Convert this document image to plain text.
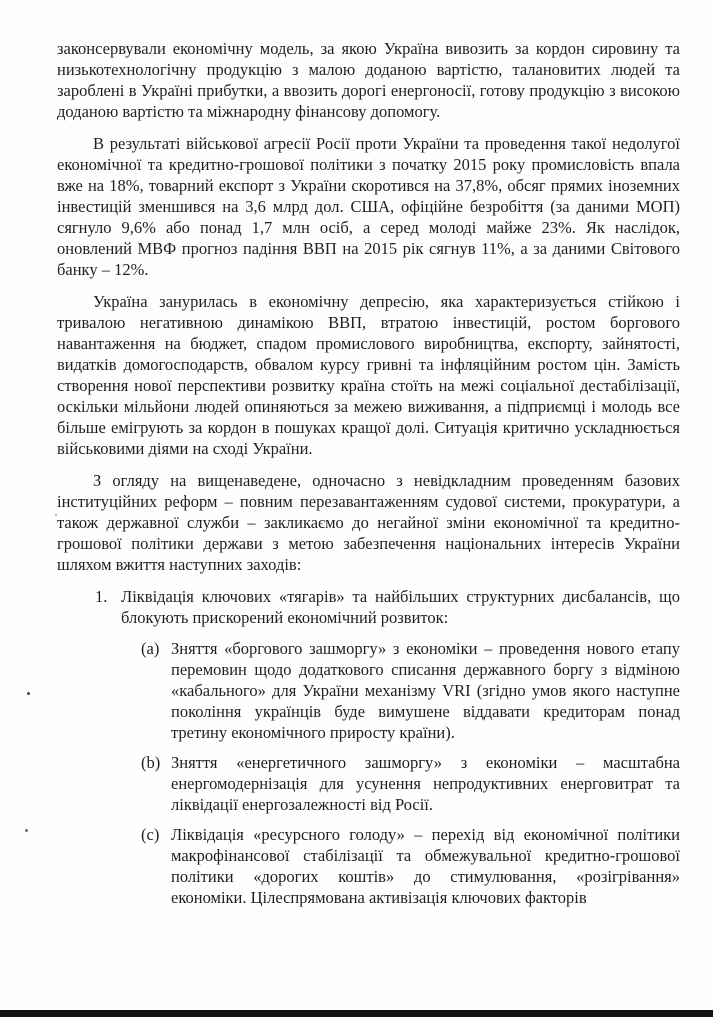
законсервували економічну модель, за якою Україна вивозить за кордон сировину та низькотехнологічну продукцію з малою доданою вартістю, талановитих людей та зароблені в Україні прибутки, а ввозить дорогі енергоносії, готову продукцію з високою доданою вартістю та міжнародну фінансову допомогу.

В результаті військової агресії Росії проти України та проведення такої недолугої економічної та кредитно-грошової політики з початку 2015 року промисловість впала вже на 18%, товарний експорт з України скоротився на 37,8%, обсяг прямих іноземних інвестицій зменшився на 3,6 млрд дол. США, офіційне безробіття (за даними МОП) сягнуло 9,6% або понад 1,7 млн осіб, а серед молоді майже 23%. Як наслідок, оновлений МВФ прогноз падіння ВВП на 2015 рік сягнув 11%, а за даними Світового банку – 12%.

Україна занурилась в економічну депресію, яка характеризується стійкою і тривалою негативною динамікою ВВП, втратою інвестицій, ростом боргового навантаження на бюджет, спадом промислового виробництва, експорту, зайнятості, видатків домогосподарств, обвалом курсу гривні та інфляційним ростом цін. Замість створення нової перспективи розвитку країна стоїть на межі соціальної дестабілізації, оскільки мільйони людей опиняються за межею виживання, а підприємці і молодь все більше емігрують за кордон в пошуках кращої долі. Ситуація критично ускладнюється військовими діями на сході України.

З огляду на вищенаведене, одночасно з невідкладним проведенням базових інституційних реформ – повним перезавантаженням судової системи, прокуратури, а також державної служби – закликаємо до негайної зміни економічної та кредитно-грошової політики держави з метою забезпечення національних інтересів України шляхом вжиття наступних заходів:

1. Ліквідація ключових «тягарів» та найбільших структурних дисбалансів, що блокують прискорений економічний розвиток:
(a) Зняття «боргового зашморгу» з економіки – проведення нового етапу перемовин щодо додаткового списання державного боргу з відміною «кабального» для України механізму VRI (згідно умов якого наступне покоління українців буде вимушене віддавати кредиторам понад третину економічного приросту країни).
(b) Зняття «енергетичного зашморгу» з економіки – масштабна енергомодернізація для усунення непродуктивних енерговитрат та ліквідації енергозалежності від Росії.
(c) Ліквідація «ресурсного голоду» – перехід від економічної політики макрофінансової стабілізації та обмежувальної кредитно-грошової політики «дорогих коштів» до стимулювання, «розігрівання» економіки. Цілеспрямована активізація ключових факторів
